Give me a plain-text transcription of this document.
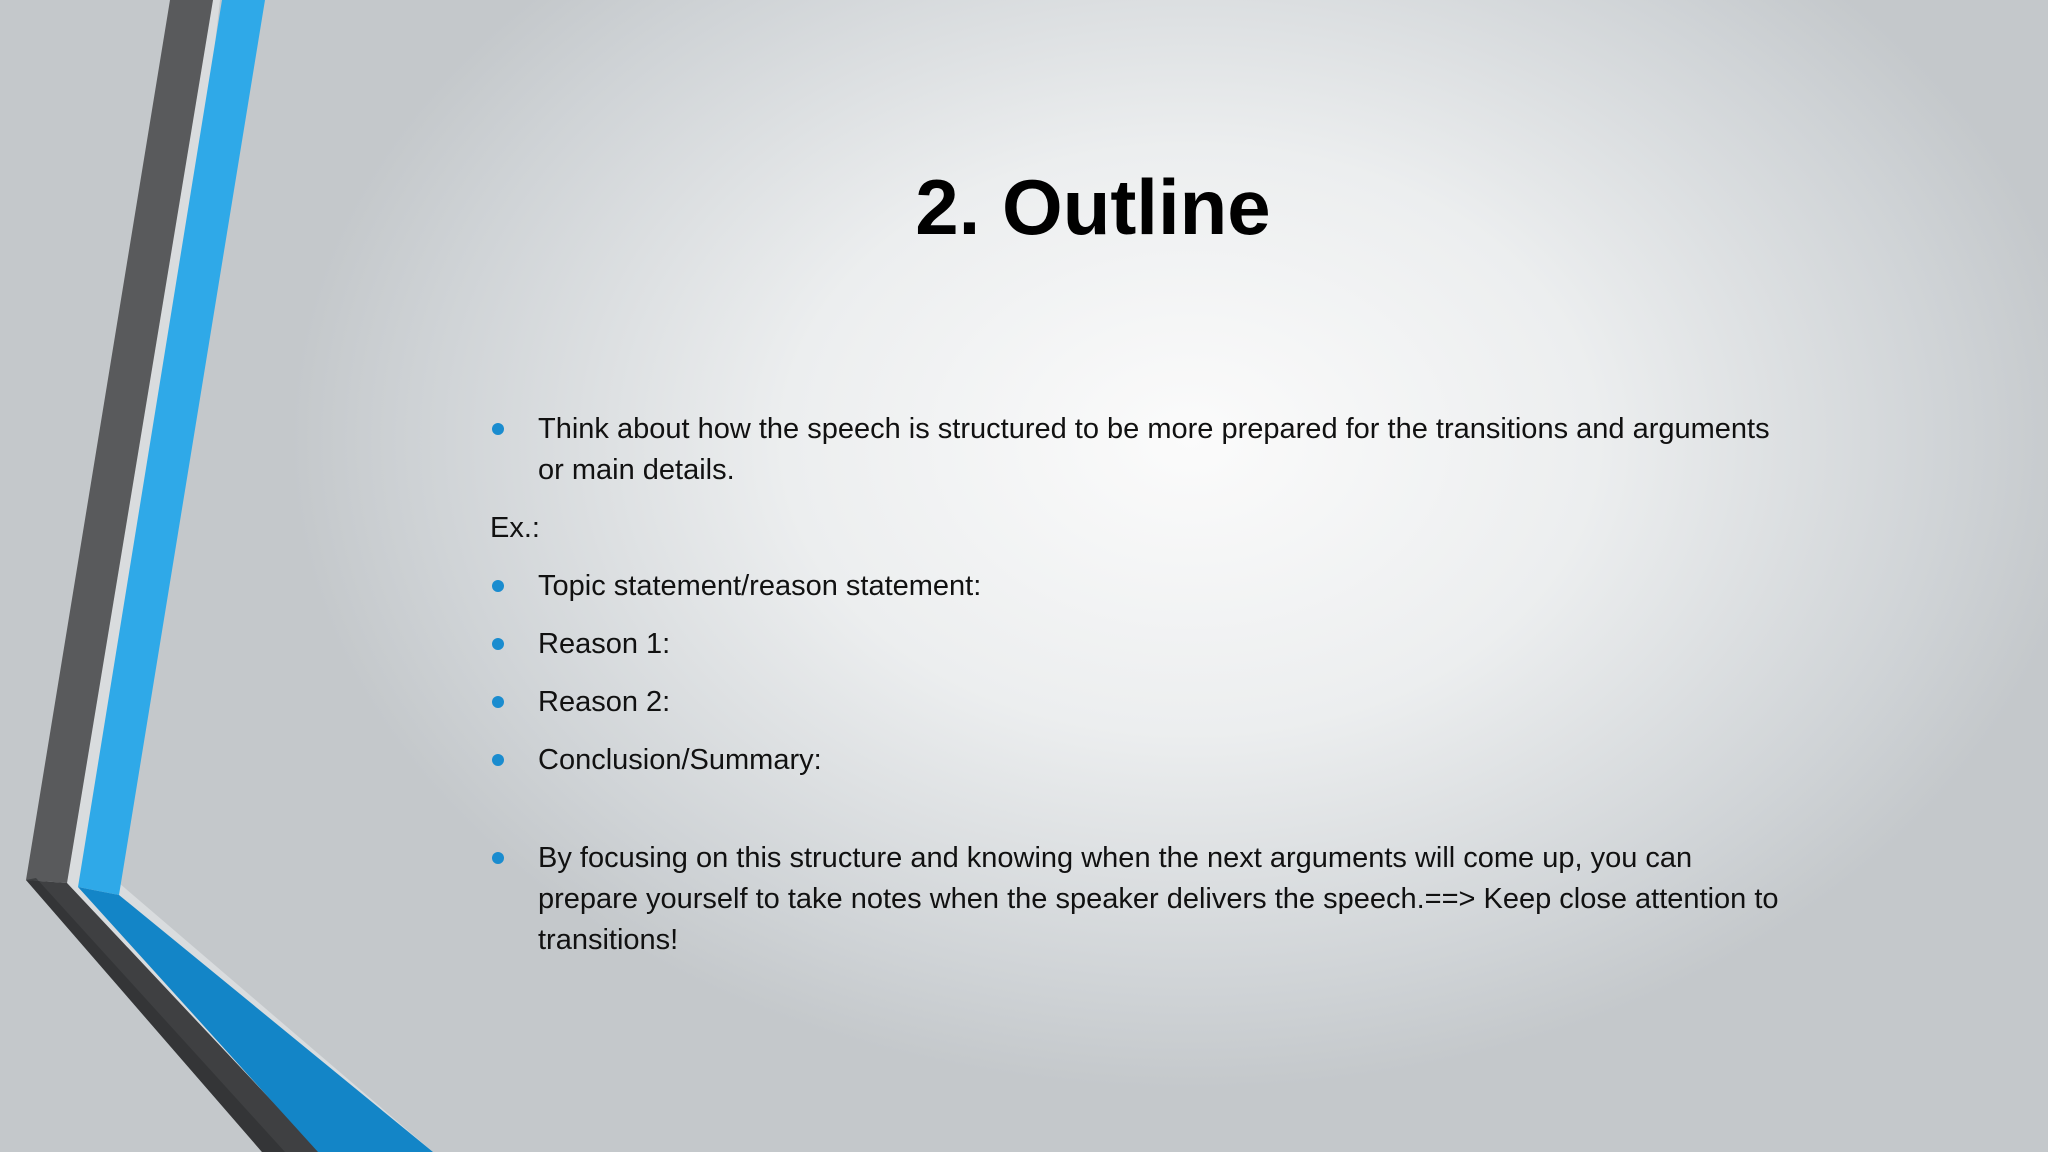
2. Outline
Think about how the speech is structured to be more prepared for the transitions and arguments or main details.
Ex.:
Topic statement/reason statement:
Reason 1:
Reason 2:
Conclusion/Summary:
By focusing on this structure and knowing when the next arguments will come up, you can prepare yourself to take notes when the speaker delivers the speech.==> Keep close attention to transitions!
